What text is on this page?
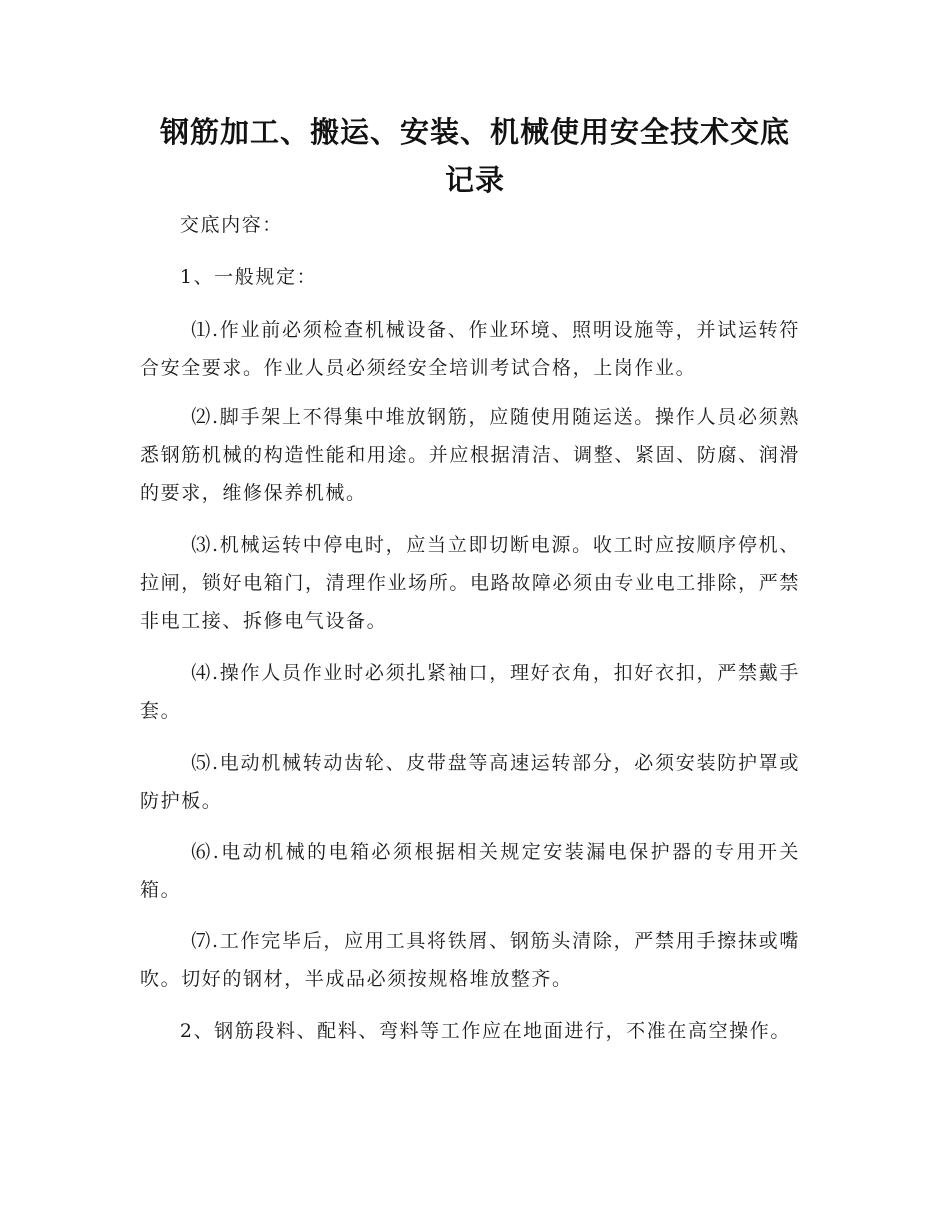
钢筋加工、搬运、安装、机械使用安全技术交底
记录

交底内容：

1、一般规定：

⑴.作业前必须检查机械设备、作业环境、照明设施等，并试运转符合安全要求。作业人员必须经安全培训考试合格，上岗作业。

⑵.脚手架上不得集中堆放钢筋，应随使用随运送。操作人员必须熟悉钢筋机械的构造性能和用途。并应根据清洁、调整、紧固、防腐、润滑的要求，维修保养机械。

⑶.机械运转中停电时，应当立即切断电源。收工时应按顺序停机、拉闸，锁好电箱门，清理作业场所。电路故障必须由专业电工排除，严禁非电工接、拆修电气设备。

⑷.操作人员作业时必须扎紧袖口，理好衣角，扣好衣扣，严禁戴手套。

⑸.电动机械转动齿轮、皮带盘等高速运转部分，必须安装防护罩或防护板。

⑹.电动机械的电箱必须根据相关规定安装漏电保护器的专用开关箱。

⑺.工作完毕后，应用工具将铁屑、钢筋头清除，严禁用手擦抹或嘴吹。切好的钢材，半成品必须按规格堆放整齐。

2、钢筋段料、配料、弯料等工作应在地面进行，不准在高空操作。
